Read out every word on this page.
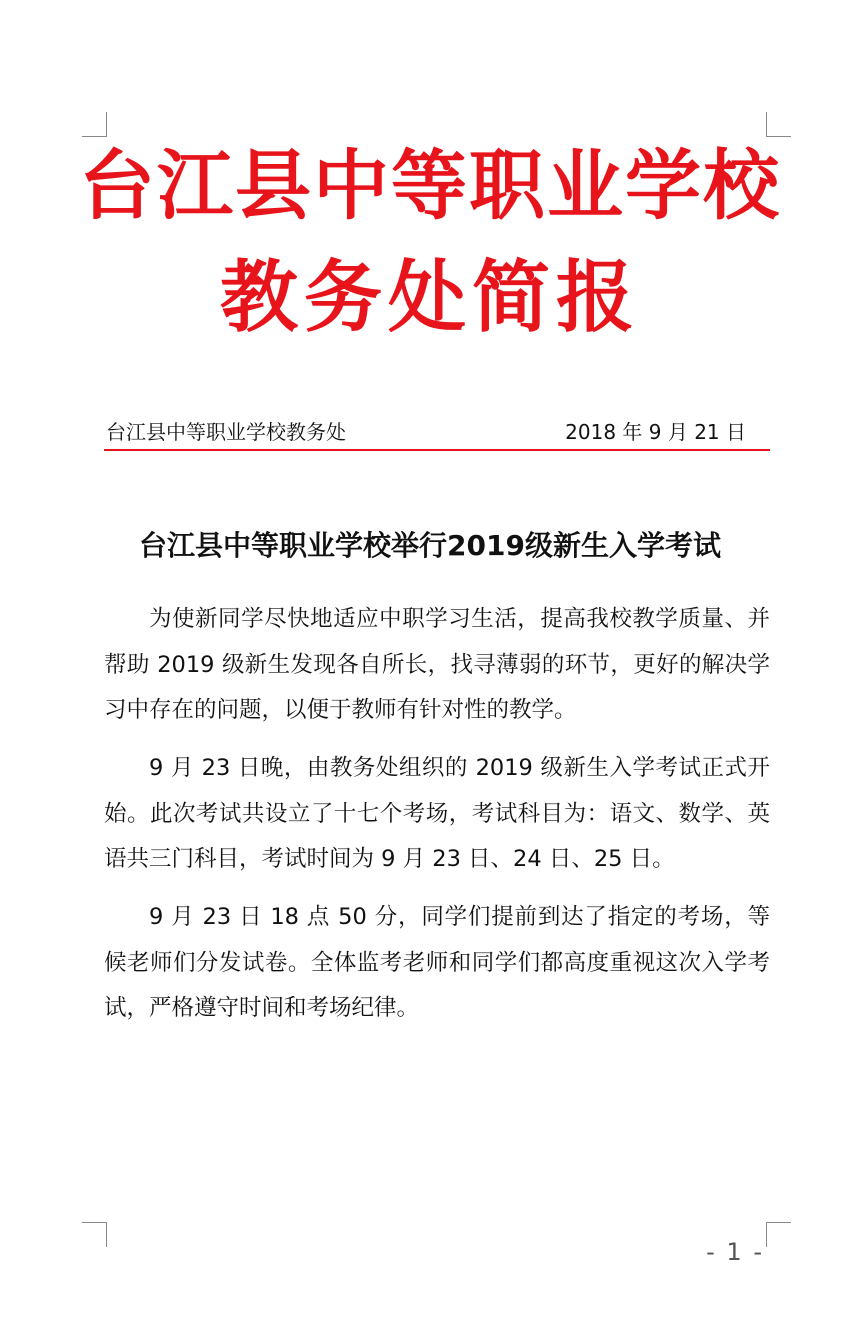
台江县中等职业学校
教务处简报
台江县中等职业学校教务处	2018 年 9 月 21 日
台江县中等职业学校举行2019级新生入学考试

为使新同学尽快地适应中职学习生活，提高我校教学质量、并帮助 2019 级新生发现各自所长，找寻薄弱的环节，更好的解决学习中存在的问题，以便于教师有针对性的教学。

9 月 23 日晚，由教务处组织的 2019 级新生入学考试正式开始。此次考试共设立了十七个考场，考试科目为：语文、数学、英语共三门科目，考试时间为 9 月 23 日、24 日、25 日。

9 月 23 日 18 点 50 分，同学们提前到达了指定的考场，等候老师们分发试卷。全体监考老师和同学们都高度重视这次入学考试，严格遵守时间和考场纪律。

- 1 -
